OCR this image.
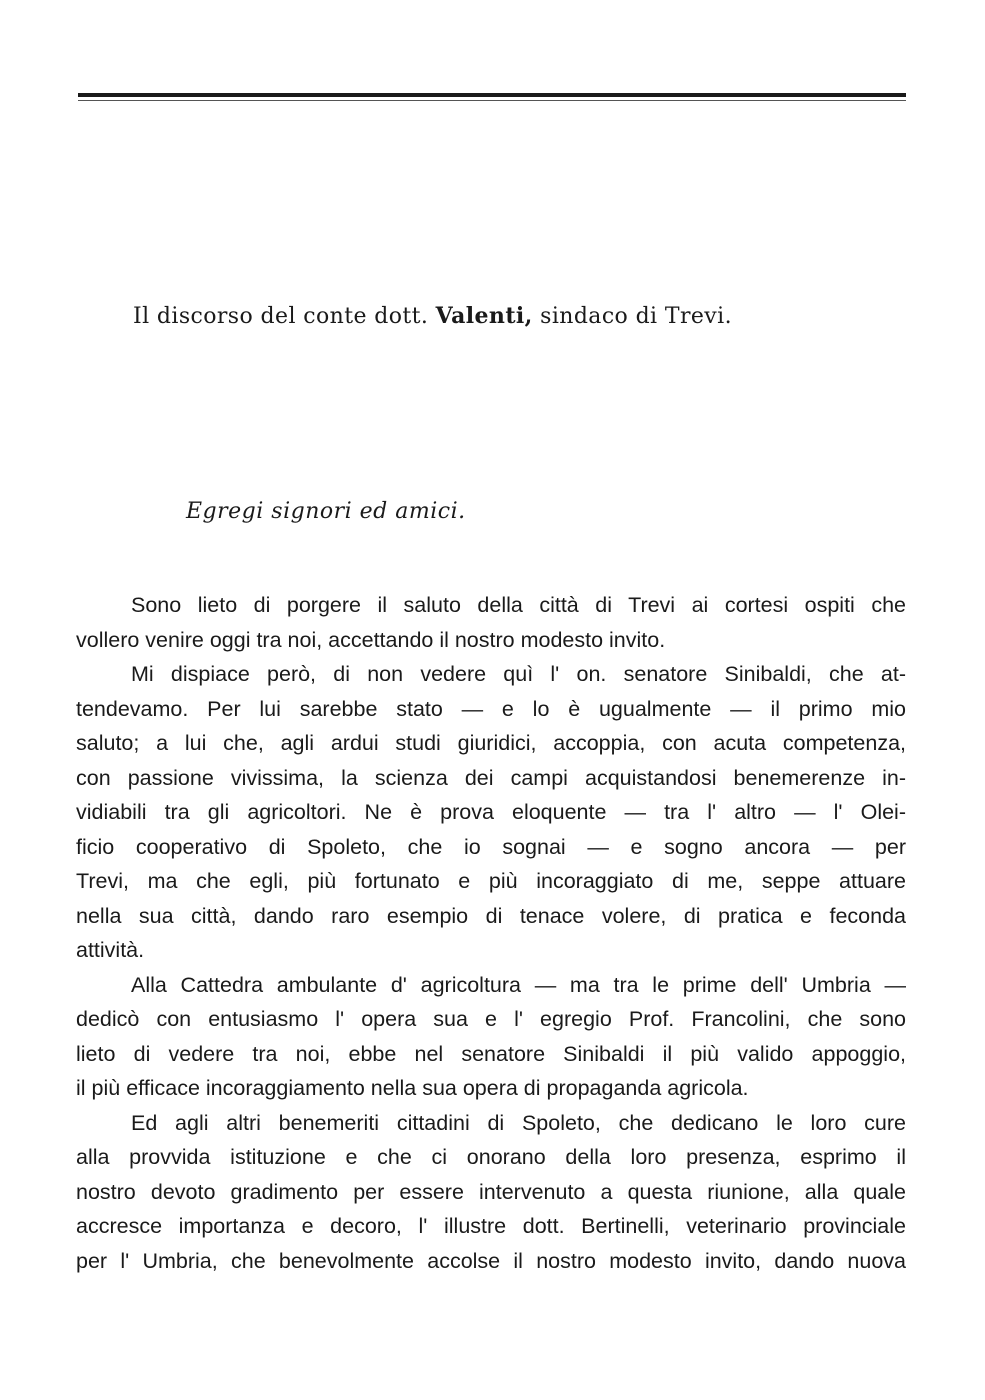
Il discorso del conte dott. Valenti, sindaco di Trevi.
Egregi signori ed amici.
Sono lieto di porgere il saluto della città di Trevi ai cortesi ospiti che
vollero venire oggi tra noi, accettando il nostro modesto invito.
Mi dispiace però, di non vedere quì l' on. senatore Sinibaldi, che at-
tendevamo. Per lui sarebbe stato — e lo è ugualmente — il primo mio
saluto; a lui che, agli ardui studi giuridici, accoppia, con acuta competenza,
con passione vivissima, la scienza dei campi acquistandosi benemerenze in-
vidiabili tra gli agricoltori. Ne è prova eloquente — tra l' altro — l' Olei-
ficio cooperativo di Spoleto, che io sognai — e sogno ancora — per
Trevi, ma che egli, più fortunato e più incoraggiato di me, seppe attuare
nella sua città, dando raro esempio di tenace volere, di pratica e feconda
attività.
Alla Cattedra ambulante d' agricoltura — ma tra le prime dell' Umbria —
dedicò con entusiasmo l' opera sua e l' egregio Prof. Francolini, che sono
lieto di vedere tra noi, ebbe nel senatore Sinibaldi il più valido appoggio,
il più efficace incoraggiamento nella sua opera di propaganda agricola.
Ed agli altri benemeriti cittadini di Spoleto, che dedicano le loro cure
alla provvida istituzione e che ci onorano della loro presenza, esprimo il
nostro devoto gradimento per essere intervenuto a questa riunione, alla quale
accresce importanza e decoro, l' illustre dott. Bertinelli, veterinario provinciale
per l' Umbria, che benevolmente accolse il nostro modesto invito, dando nuova
